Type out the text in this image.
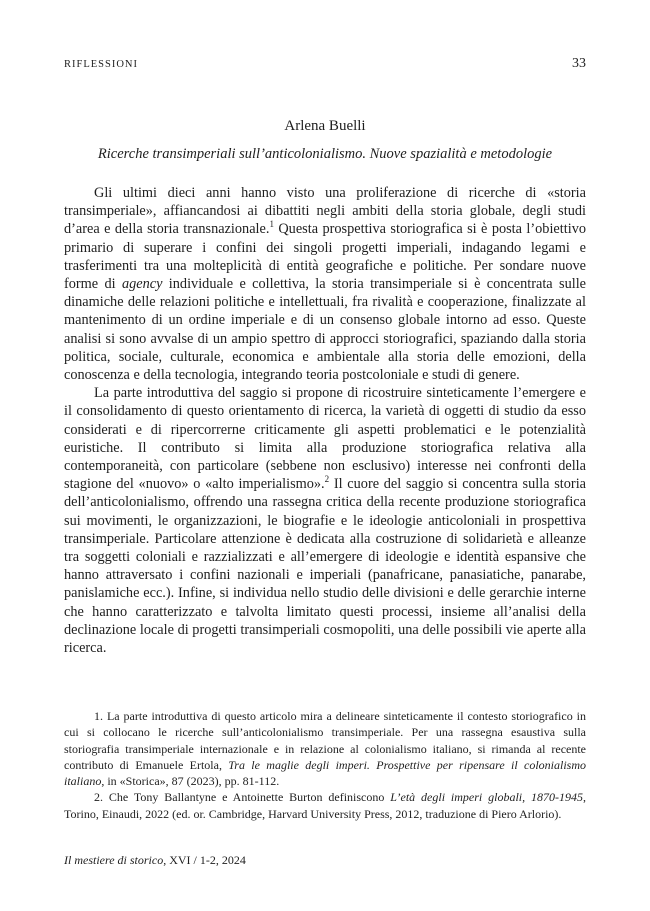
RIFLESSIONI	33
Arlena Buelli
Ricerche transimperiali sull’anticolonialismo. Nuove spazialità e metodologie

Gli ultimi dieci anni hanno visto una proliferazione di ricerche di «storia transimperiale», affiancandosi ai dibattiti negli ambiti della storia globale, degli studi d’area e della storia transnazionale.$^1$ Questa prospettiva storiografica si è posta l’obiettivo primario di superare i confini dei singoli progetti imperiali, indagando legami e trasferimenti tra una molteplicità di entità geografiche e politiche. Per sondare nuove forme di agency individuale e collettiva, la storia transimperiale si è concentrata sulle dinamiche delle relazioni politiche e intellettuali, fra rivalità e cooperazione, finalizzate al mantenimento di un ordine imperiale e di un consenso globale intorno ad esso. Queste analisi si sono avvalse di un ampio spettro di approcci storiografici, spaziando dalla storia politica, sociale, culturale, economica e ambientale alla storia delle emozioni, della conoscenza e della tecnologia, integrando teoria postcoloniale e studi di genere.

La parte introduttiva del saggio si propone di ricostruire sinteticamente l’emergere e il consolidamento di questo orientamento di ricerca, la varietà di oggetti di studio da esso considerati e di ripercorrerne criticamente gli aspetti problematici e le potenzialità euristiche. Il contributo si limita alla produzione storiografica relativa alla contemporaneità, con particolare (sebbene non esclusivo) interesse nei confronti della stagione del «nuovo» o «alto imperialismo».$^2$ Il cuore del saggio si concentra sulla storia dell’anticolonialismo, offrendo una rassegna critica della recente produzione storiografica sui movimenti, le organizzazioni, le biografie e le ideologie anticoloniali in prospettiva transimperiale. Particolare attenzione è dedicata alla costruzione di solidarietà e alleanze tra soggetti coloniali e razzializzati e all’emergere di ideologie e identità espansive che hanno attraversato i confini nazionali e imperiali (panafricane, panasiatiche, panarabe, panislamiche ecc.). Infine, si individua nello studio delle divisioni e delle gerarchie interne che hanno caratterizzato e talvolta limitato questi processi, insieme all’analisi della declinazione locale di progetti transimperiali cosmopoliti, una delle possibili vie aperte alla ricerca.

1. La parte introduttiva di questo articolo mira a delineare sinteticamente il contesto storiografico in cui si collocano le ricerche sull’anticolonialismo transimperiale. Per una rassegna esaustiva sulla storiografia transimperiale internazionale e in relazione al colonialismo italiano, si rimanda al recente contributo di Emanuele Ertola, Tra le maglie degli imperi. Prospettive per ripensare il colonialismo italiano, in «Storica», 87 (2023), pp. 81-112.

2. Che Tony Ballantyne e Antoinette Burton definiscono L’età degli imperi globali, 1870-1945, Torino, Einaudi, 2022 (ed. or. Cambridge, Harvard University Press, 2012, traduzione di Piero Arlorio).

Il mestiere di storico, XVI / 1-2, 2024
